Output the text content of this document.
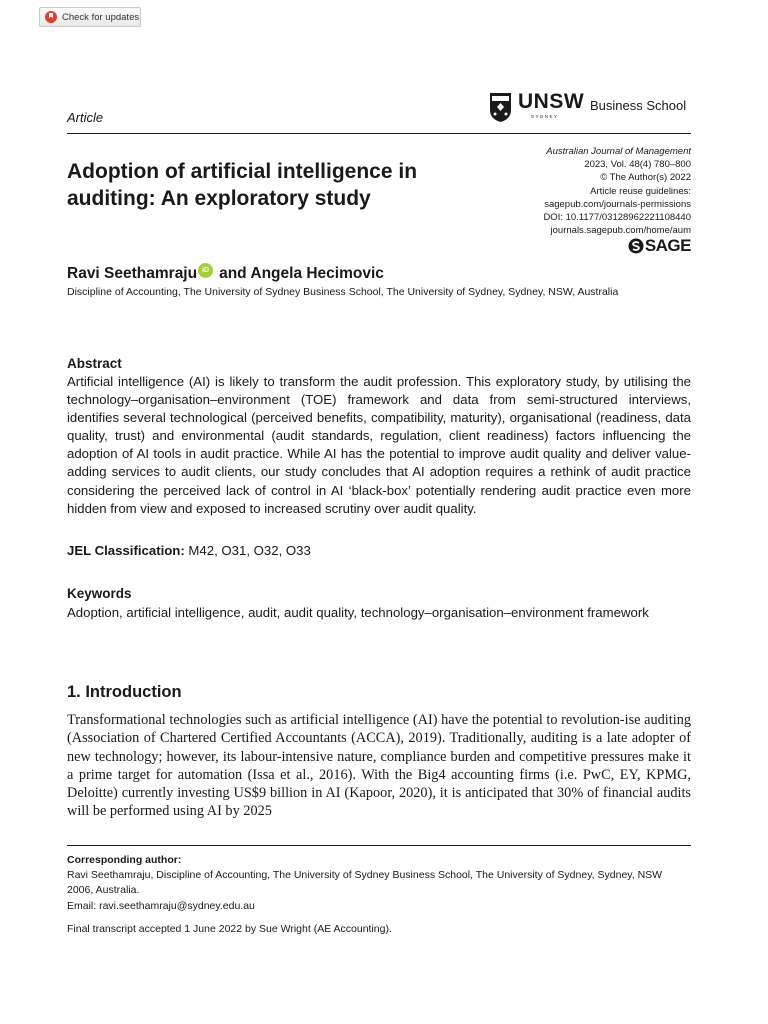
Check for updates
Article
UNSW
SYDNEY
Business School
Adoption of artificial intelligence in auditing: An exploratory study
Australian Journal of Management
2023, Vol. 48(4) 780–800
© The Author(s) 2022
Article reuse guidelines:
sagepub.com/journals-permissions
DOI: 10.1177/03128962221108440
journals.sagepub.com/home/aum
SAGE
Ravi Seethamraju iD and Angela Hecimovic
Discipline of Accounting, The University of Sydney Business School, The University of Sydney, Sydney, NSW, Australia
Abstract

Artificial intelligence (AI) is likely to transform the audit profession. This exploratory study, by utilising the technology–organisation–environment (TOE) framework and data from semi-structured interviews, identifies several technological (perceived benefits, compatibility, maturity), organisational (readiness, data quality, trust) and environmental (audit standards, regulation, client readiness) factors influencing the adoption of AI tools in audit practice. While AI has the potential to improve audit quality and deliver value-adding services to audit clients, our study concludes that AI adoption requires a rethink of audit practice considering the perceived lack of control in AI ‘black-box’ potentially rendering audit practice even more hidden from view and exposed to increased scrutiny over audit quality.

JEL Classification: M42, O31, O32, O33
Keywords

Adoption, artificial intelligence, audit, audit quality, technology–organisation–environment framework

1. Introduction

Transformational technologies such as artificial intelligence (AI) have the potential to revolution-ise auditing (Association of Chartered Certified Accountants (ACCA), 2019). Traditionally, auditing is a late adopter of new technology; however, its labour-intensive nature, compliance burden and competitive pressures make it a prime target for automation (Issa et al., 2016). With the Big4 accounting firms (i.e. PwC, EY, KPMG, Deloitte) currently investing US$9 billion in AI (Kapoor, 2020), it is anticipated that 30% of financial audits will be performed using AI by 2025

Corresponding author:

Ravi Seethamraju, Discipline of Accounting, The University of Sydney Business School, The University of Sydney, Sydney, NSW 2006, Australia.

Email: ravi.seethamraju@sydney.edu.au
Final transcript accepted 1 June 2022 by Sue Wright (AE Accounting).
